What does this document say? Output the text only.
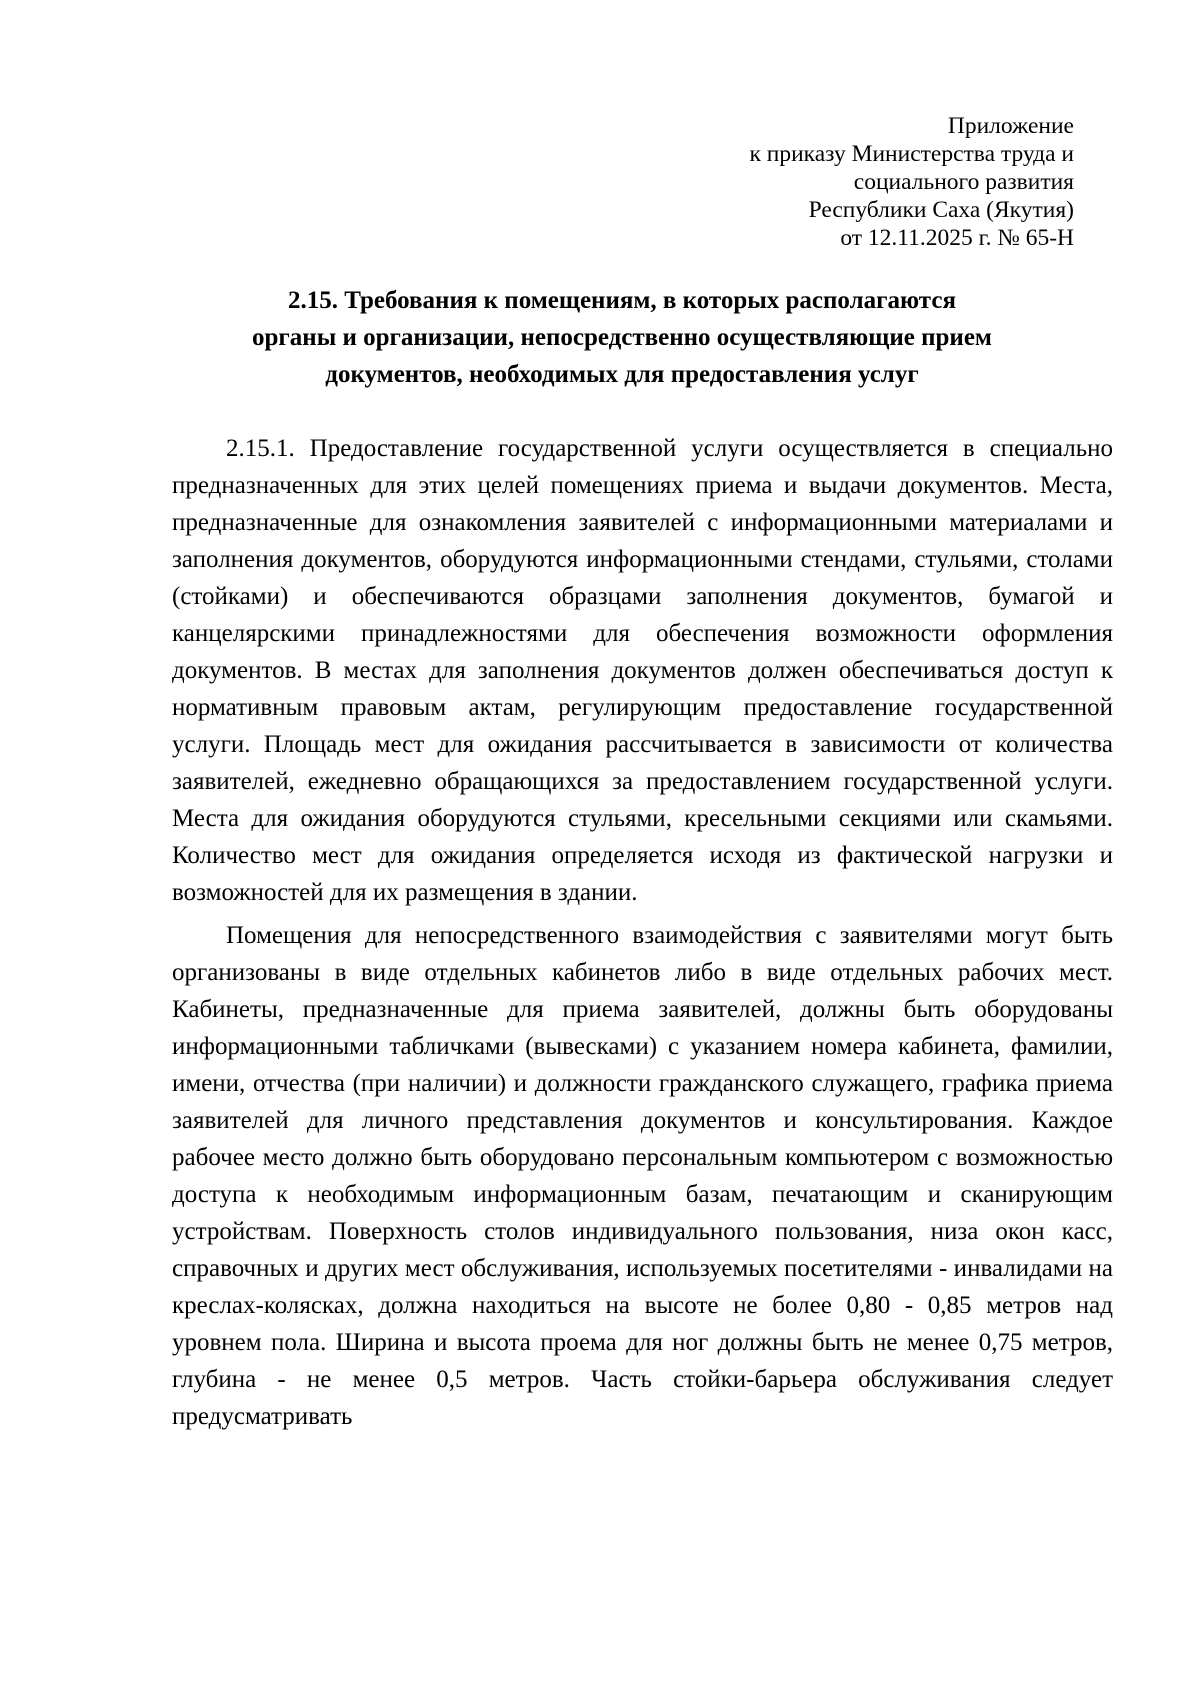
Приложение
к приказу Министерства труда и
социального развития
Республики Саха (Якутия)
от 12.11.2025 г. № 65-Н
2.15. Требования к помещениям, в которых располагаются
органы и организации, непосредственно осуществляющие прием
документов, необходимых для предоставления услуг

2.15.1. Предоставление государственной услуги осуществляется в специально предназначенных для этих целей помещениях приема и выдачи документов. Места, предназначенные для ознакомления заявителей с информационными материалами и заполнения документов, оборудуются информационными стендами, стульями, столами (стойками) и обеспечиваются образцами заполнения документов, бумагой и канцелярскими принадлежностями для обеспечения возможности оформления документов. В местах для заполнения документов должен обеспечиваться доступ к нормативным правовым актам, регулирующим предоставление государственной услуги. Площадь мест для ожидания рассчитывается в зависимости от количества заявителей, ежедневно обращающихся за предоставлением государственной услуги. Места для ожидания оборудуются стульями, кресельными секциями или скамьями. Количество мест для ожидания определяется исходя из фактической нагрузки и возможностей для их размещения в здании.

Помещения для непосредственного взаимодействия с заявителями могут быть организованы в виде отдельных кабинетов либо в виде отдельных рабочих мест. Кабинеты, предназначенные для приема заявителей, должны быть оборудованы информационными табличками (вывесками) с указанием номера кабинета, фамилии, имени, отчества (при наличии) и должности гражданского служащего, графика приема заявителей для личного представления документов и консультирования. Каждое рабочее место должно быть оборудовано персональным компьютером с возможностью доступа к необходимым информационным базам, печатающим и сканирующим устройствам. Поверхность столов индивидуального пользования, низа окон касс, справочных и других мест обслуживания, используемых посетителями - инвалидами на креслах-колясках, должна находиться на высоте не более 0,80 - 0,85 метров над уровнем пола. Ширина и высота проема для ног должны быть не менее 0,75 метров, глубина - не менее 0,5 метров. Часть стойки-барьера обслуживания следует предусматривать
